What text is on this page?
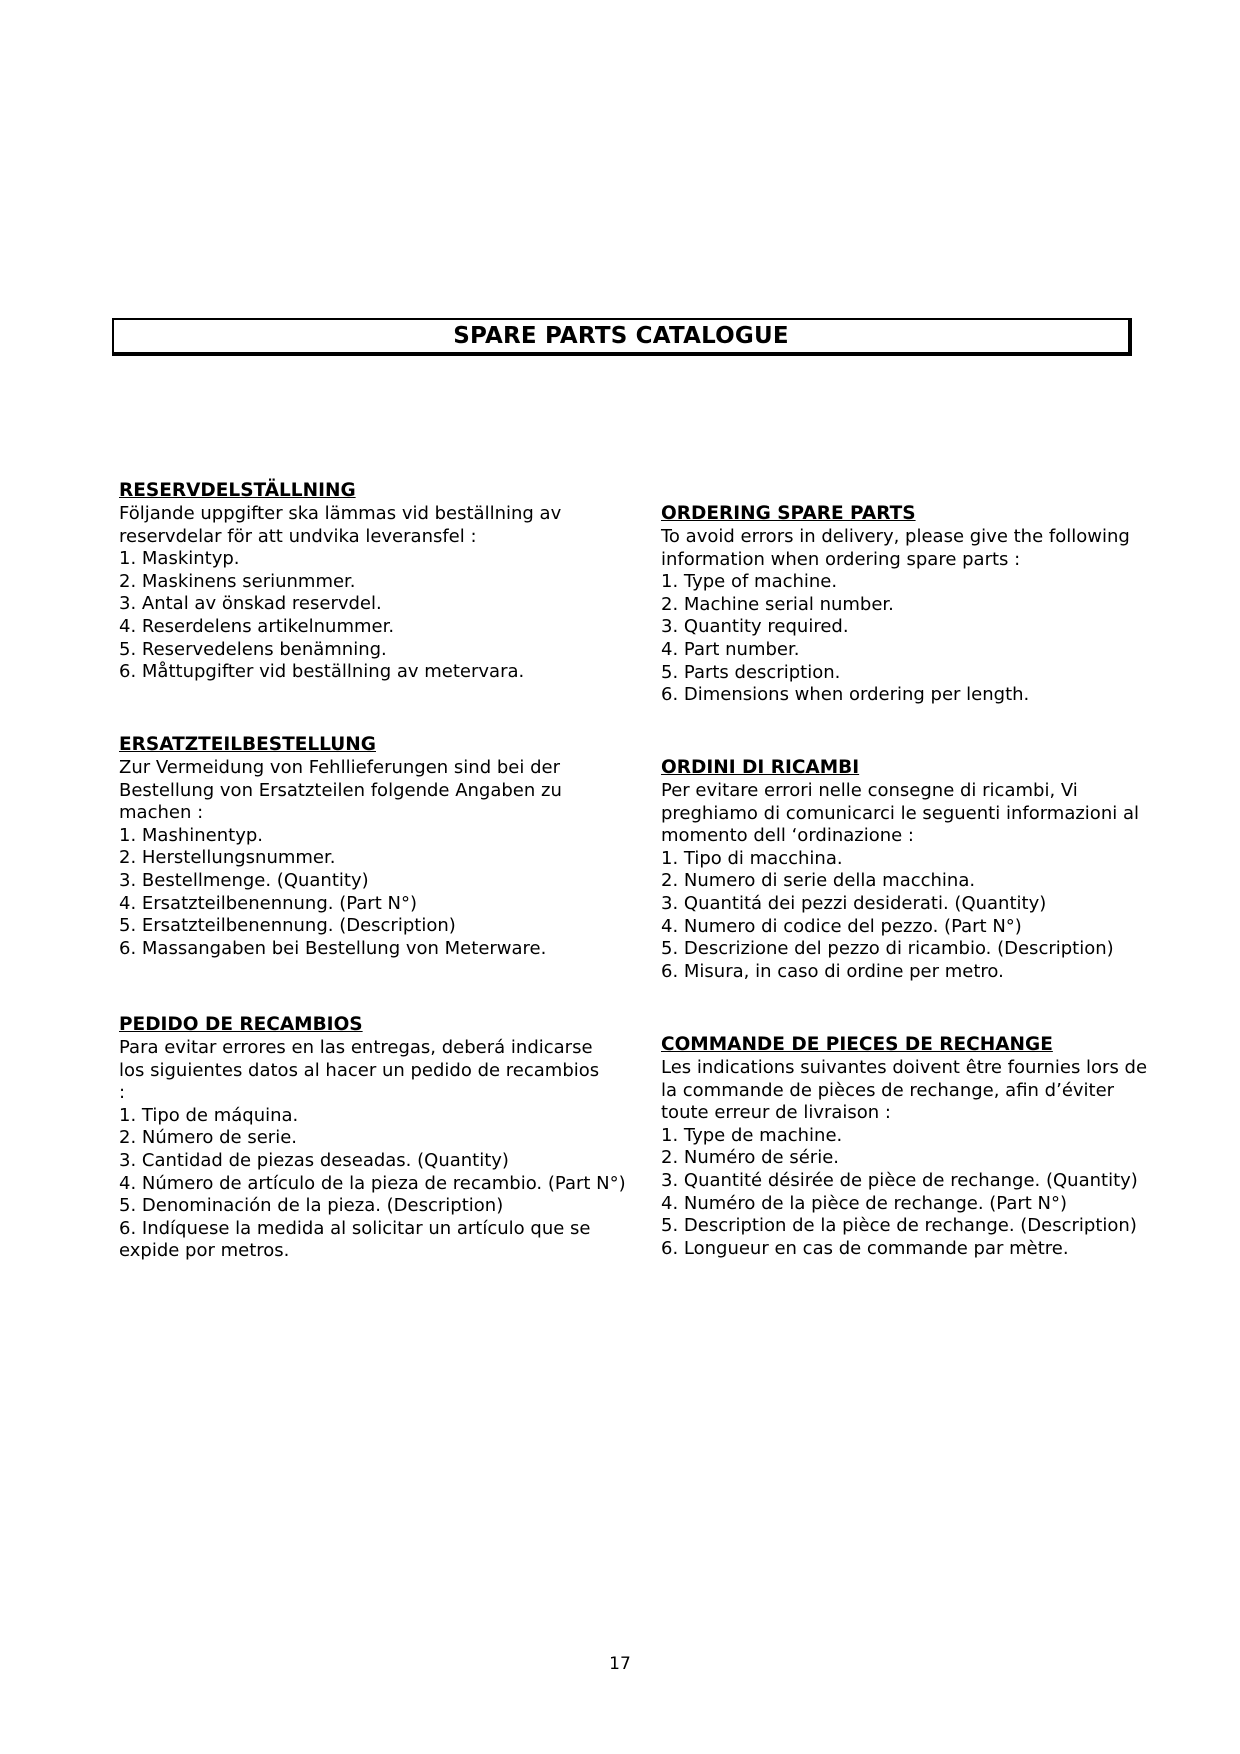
SPARE PARTS CATALOGUE
RESERVDELSTÄLLNING

Följande uppgifter ska lämmas vid beställning av
reservdelar för att undvika leveransfel :

1. Maskintyp.
2. Maskinens seriunmmer.
3. Antal av önskad reservdel.
4. Reserdelens artikelnummer.
5. Reservedelens benämning.
6. Måttupgifter vid beställning av metervara.
ORDERING SPARE PARTS

To avoid errors in delivery, please give the following
information when ordering spare parts :

1. Type of machine.
2. Machine serial number.
3. Quantity required.
4. Part number.
5. Parts description.
6. Dimensions when ordering per length.
ERSATZTEILBESTELLUNG

Zur Vermeidung von Fehllieferungen sind bei der
Bestellung von Ersatzteilen folgende Angaben zu
machen :

1. Mashinentyp.
2. Herstellungsnummer.
3. Bestellmenge. (Quantity)
4. Ersatzteilbenennung. (Part N°)
5. Ersatzteilbenennung. (Description)
6. Massangaben bei Bestellung von Meterware.
ORDINI DI RICAMBI

Per evitare errori nelle consegne di ricambi, Vi
preghiamo di comunicarci le seguenti informazioni al
momento dell ‘ordinazione :

1. Tipo di macchina.
2. Numero di serie della macchina.
3. Quantitá dei pezzi desiderati. (Quantity)
4. Numero di codice del pezzo. (Part N°)
5. Descrizione del pezzo di ricambio. (Description)
6. Misura, in caso di ordine per metro.
PEDIDO DE RECAMBIOS

Para evitar errores en las entregas, deberá indicarse
los siguientes datos al hacer un pedido de recambios
:

1. Tipo de máquina.
2. Número de serie.
3. Cantidad de piezas deseadas. (Quantity)
4. Número de artículo de la pieza de recambio. (Part N°)
5. Denominación de la pieza. (Description)
6. Indíquese la medida al solicitar un artículo que se
expide por metros.
COMMANDE DE PIECES DE RECHANGE

Les indications suivantes doivent être fournies lors de
la commande de pièces de rechange, afin d’éviter
toute erreur de livraison :

1. Type de machine.
2. Numéro de série.
3. Quantité désirée de pièce de rechange. (Quantity)
4. Numéro de la pièce de rechange. (Part N°)
5. Description de la pièce de rechange. (Description)
6. Longueur en cas de commande par mètre.
17
